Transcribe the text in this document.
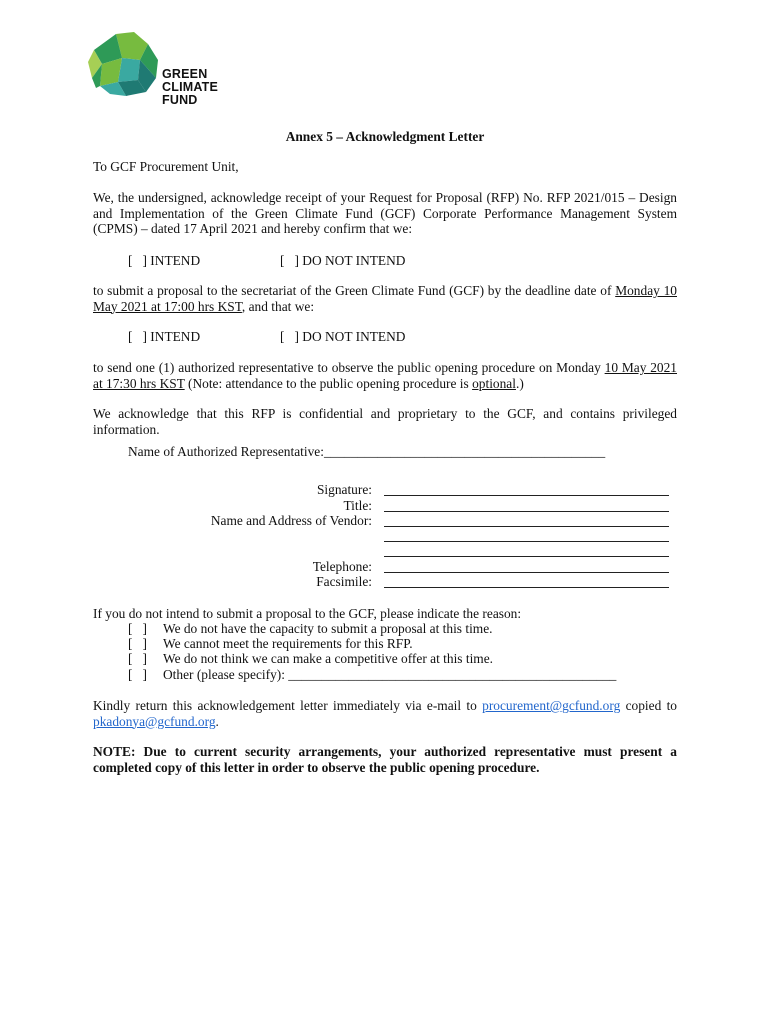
GREEN
CLIMATE
FUND
Annex 5 – Acknowledgment Letter
To GCF Procurement Unit,
We, the undersigned, acknowledge receipt of your Request for Proposal (RFP) No. RFP 2021/015 – Design and Implementation of the Green Climate Fund (GCF) Corporate Performance Management System (CPMS) – dated 17 April 2021 and hereby confirm that we:
[   ] INTEND	[   ] DO NOT INTEND
to submit a proposal to the secretariat of the Green Climate Fund (GCF) by the deadline date of Monday 10 May 2021 at 17:00 hrs KST, and that we:
[   ] INTEND	[   ] DO NOT INTEND
to send one (1) authorized representative to observe the public opening procedure on Monday 10 May 2021 at 17:30 hrs KST (Note: attendance to the public opening procedure is optional.)
We acknowledge that this RFP is confidential and proprietary to the GCF, and contains privileged information.
Name of Authorized Representative:__________________________________________
Signature:
Title:
Name and Address of Vendor:
Telephone:
Facsimile:
If you do not intend to submit a proposal to the GCF, please indicate the reason:
[   ] We do not have the capacity to submit a proposal at this time.
[   ] We cannot meet the requirements for this RFP.
[   ] We do not think we can make a competitive offer at this time.
[   ] Other (please specify): _________________________________________________
Kindly return this acknowledgement letter immediately via e-mail to procurement@gcfund.org copied to pkadonya@gcfund.org.
NOTE: Due to current security arrangements, your authorized representative must present a completed copy of this letter in order to observe the public opening procedure.
